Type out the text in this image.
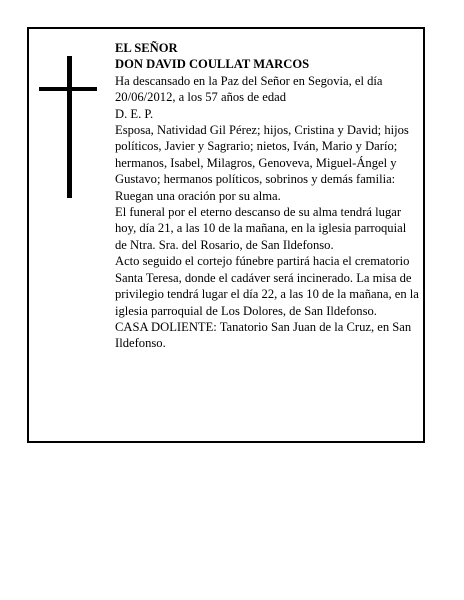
EL SEÑOR

DON DAVID COULLAT MARCOS

Ha descansado en la Paz del Señor en Segovia, el día 20/06/2012, a los 57 años de edad

D. E. P.

Esposa, Natividad Gil Pérez; hijos, Cristina y David; hijos políticos, Javier y Sagrario; nietos, Iván, Mario y Darío; hermanos, Isabel, Milagros, Genoveva, Miguel-Ángel y Gustavo; hermanos políticos, sobrinos y demás familia:

Ruegan una oración por su alma.

El funeral por el eterno descanso de su alma tendrá lugar hoy, día 21, a las 10 de la mañana, en la iglesia parroquial de Ntra. Sra. del Rosario, de San Ildefonso.

Acto seguido el cortejo fúnebre partirá hacia el crematorio Santa Teresa, donde el cadáver será incinerado. La misa de privilegio tendrá lugar el día 22, a las 10 de la mañana, en la iglesia parroquial de Los Dolores, de San Ildefonso.

CASA DOLIENTE: Tanatorio San Juan de la Cruz, en San Ildefonso.
